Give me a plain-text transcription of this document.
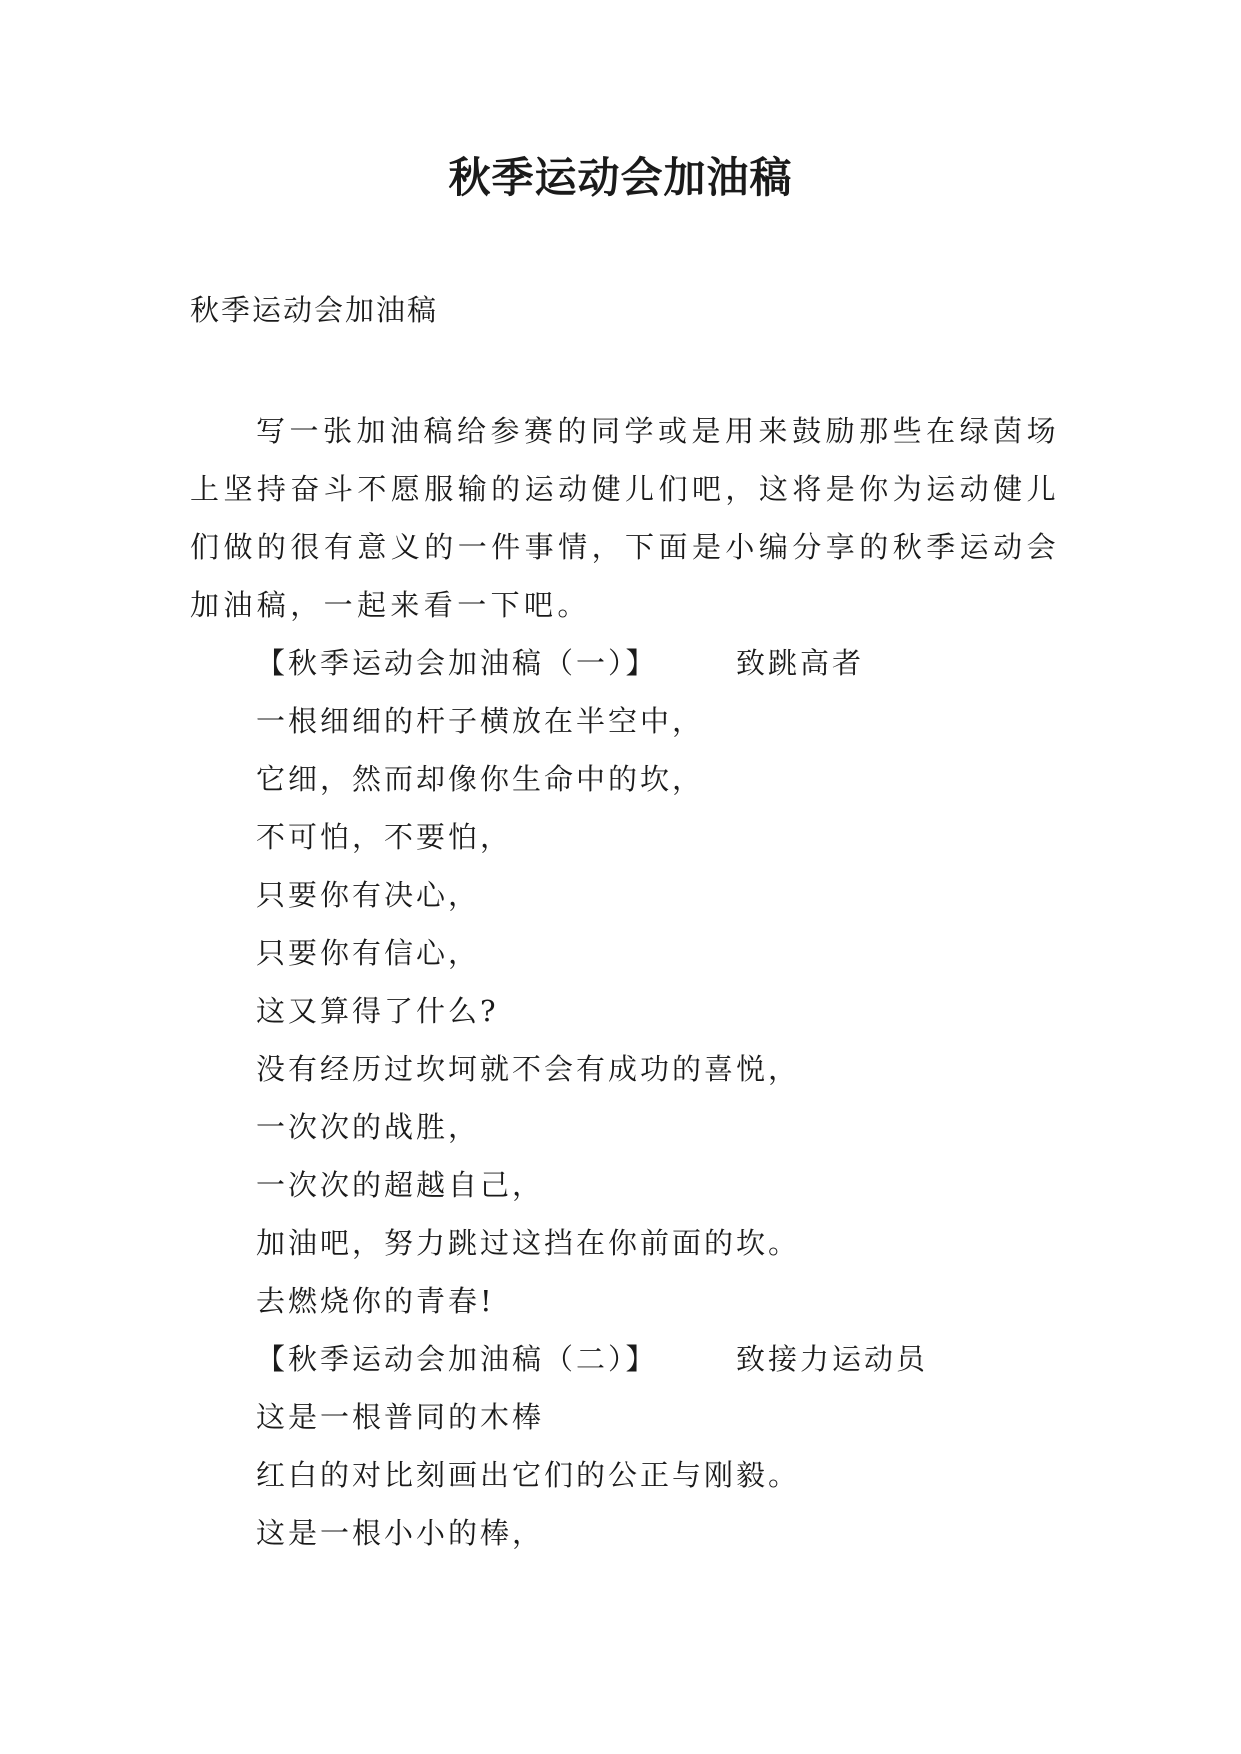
秋季运动会加油稿
秋季运动会加油稿
写一张加油稿给参赛的同学或是用来鼓励那些在绿茵场上坚持奋斗不愿服输的运动健儿们吧，这将是你为运动健儿们做的很有意义的一件事情，下面是小编分享的秋季运动会加油稿，一起来看一下吧。
【秋季运动会加油稿（一）】	致跳高者
一根细细的杆子横放在半空中，
它细，然而却像你生命中的坎，
不可怕，不要怕，
只要你有决心，
只要你有信心，
这又算得了什么?
没有经历过坎坷就不会有成功的喜悦，
一次次的战胜，
一次次的超越自己，
加油吧，努力跳过这挡在你前面的坎。
去燃烧你的青春!
【秋季运动会加油稿（二）】	致接力运动员
这是一根普同的木棒
红白的对比刻画出它们的公正与刚毅。
这是一根小小的棒，
